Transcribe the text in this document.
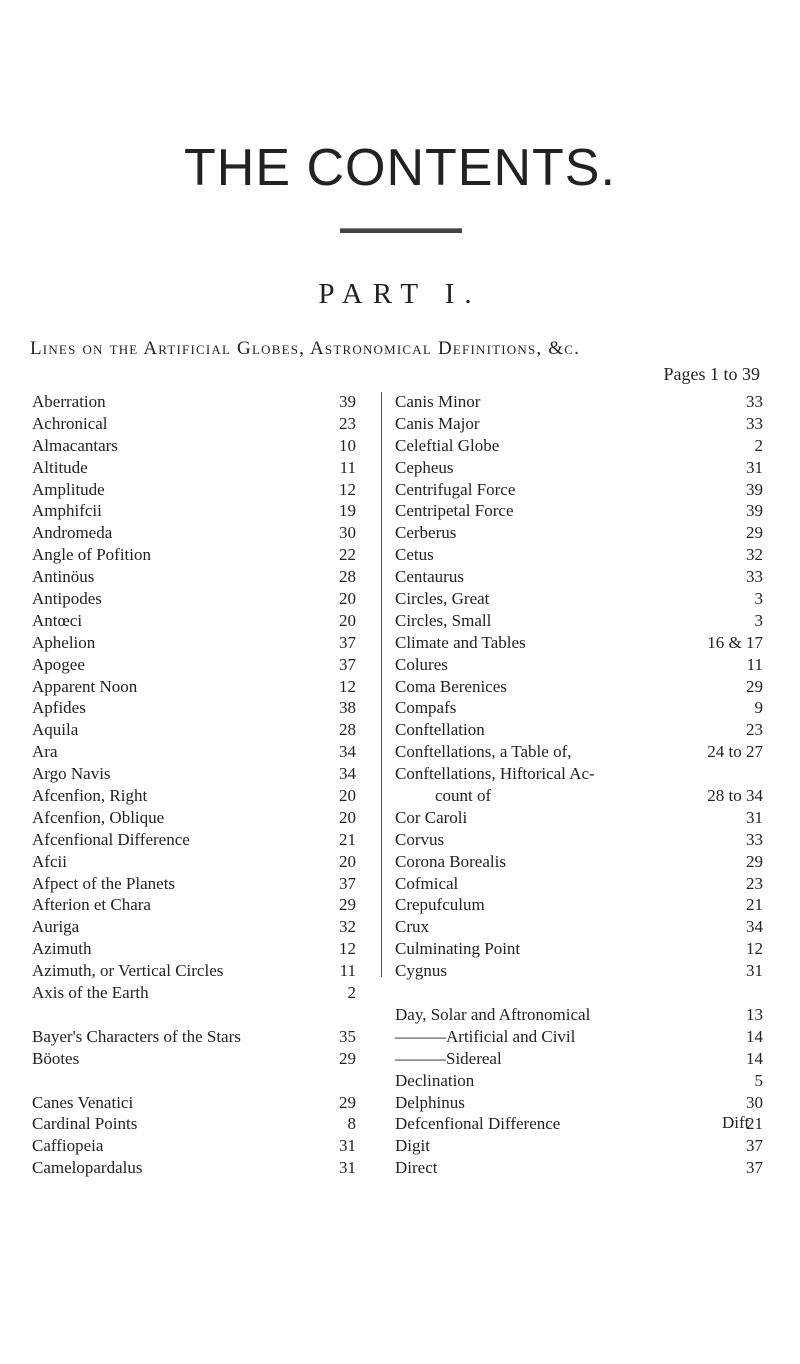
THE CONTENTS.
PART I.
Lines on the Artificial Globes, Astronomical Definitions, &c.
Pages 1 to 39
Aberration	39
Achronical	23
Almacantars	10
Altitude	11
Amplitude	12
Amphifcii	19
Andromeda	30
Angle of Pofition	22
Antinöus	28
Antipodes	20
Antœci	20
Aphelion	37
Apogee	37
Apparent Noon	12
Apfides	38
Aquila	28
Ara	34
Argo Navis	34
Afcenfion, Right	20
Afcenfion, Oblique	20
Afcenfional Difference	21
Afcii	20
Afpect of the Planets	37
Afterion et Chara	29
Auriga	32
Azimuth	12
Azimuth, or Vertical Circles	11
Axis of the Earth	2
Bayer's Characters of the Stars	35
Böotes	29
Canes Venatici	29
Cardinal Points	8
Caffiopeia	31
Camelopardalus	31
Canis Minor	33
Canis Major	33
Celeftial Globe	2
Cepheus	31
Centrifugal Force	39
Centripetal Force	39
Cerberus	29
Cetus	32
Centaurus	33
Circles, Great	3
Circles, Small	3
Climate and Tables	16 & 17
Colures	11
Coma Berenices	29
Compafs	9
Conftellation	23
Conftellations, a Table of,	24 to 27
Conftellations, Hiftorical Ac-
count of	28 to 34
Cor Caroli	31
Corvus	33
Corona Borealis	29
Cofmical	23
Crepufculum	21
Crux	34
Culminating Point	12
Cygnus	31
Day, Solar and Aftronomical	13
———Artificial and Civil	14
———Sidereal	14
Declination	5
Delphinus	30
Defcenfional Difference	21
Digit	37
Direct	37
Dift
